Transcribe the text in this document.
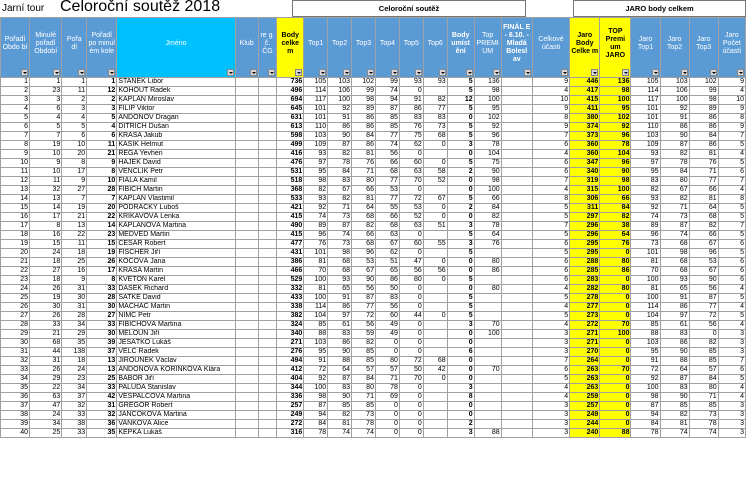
Jarní tour Celoroční soutěž 2018	Celoroční soutěž	JARO body celkem
Pořadí Obdo bí	Minulé pořadí Období	Pořa dí	Pořadí po minul ém kole	Jméno	Klub	re g. č. ČG	Body celke m	Top1	Top2	Top3	Top4	Top5	Top6	Body umíst ění	Top PREMI UM	FINÁL E - 6.10. - Mladá Bolesl av	Celkové účasti	Jaro Body Celke m	TOP Premi um JARO	Jaro Top1	Jaro Top2	Jaro Top3	Jaro Počet účastí

1	1	1	1	STANĚK Libor			736	105	103	102	99	93	93	5	136		9	446	136	105	103	102	9
2	23	11	12	KOHOUT Radek			496	114	106	99	74	0		5	98		4	417	98	114	106	99	4
3	3	2	2	KAPLAN Miroslav			694	117	100	98	94	91	82	12	100		10	415	100	117	100	98	10
4	6	3	3	FILIP Viktor			645	101	92	89	87	86	77	5	95		9	411	95	101	92	89	9
5	4	4	5	ANDONOV Dragan			631	101	91	86	85	83	83	0	102		8	380	102	101	91	86	8
6	5	5	4	DITRICH Dušan			613	110	86	86	85	76	73	5	92		9	374	92	110	86	86	9
7	7	6	6	KRÁSA Jakub			598	103	90	84	77	75	68	5	96		7	373	96	103	90	84	7
8	19	10	11	KASÍK Helmut			499	109	87	86	74	62	0	3	78		6	360	78	109	87	86	5
9	10	20	21	REGA Yevhen			416	93	82	81	56	0		0	104		4	360	104	93	82	81	4
10	9	8	9	HÁJEK David			476	97	78	76	66	60	0	5	75		6	347	96	97	78	76	5
11	10	17	8	VENCLÍK Petr			531	95	84	71	68	63	58	2	90		6	340	90	95	84	71	6
12	11	9	10	FIALA Kamil			518	98	83	80	77	70	52	0	98		7	319	98	83	80	77	7
13	32	27	28	FIBICH Martin			368	82	67	66	53	0		0	100		4	315	100	82	67	66	4
14	13	7	7	KAPLAN Vlastimil			533	93	82	81	77	72	67	5	66		8	306	66	93	82	81	8
15	14	19	20	PODRACKÝ Luboš			421	92	71	64	55	53	0	2	84		5	311	84	92	71	64	5
16	17	21	22	KŘIKAVOVÁ Lenka			415	74	73	68	66	52	0	0	82		5	297	82	74	73	68	5
17	8	13	14	KAPLANOVÁ Martina			490	89	87	82	68	63	51	3	78		7	296	38	89	87	82	7
18	16	22	23	MEDVĚD Martin			415	96	74	66	63	0		5	64		5	296	64	96	74	66	5
19	15	11	15	CESAR Robert			477	76	73	68	67	60	55	3	76		6	295	76	73	68	67	6
20	24	18	19	FISCHER Jiří			431	101	98	96	62	0		5			5	295	0	101	98	96	5
21	18	25	26	KOČOVÁ Jana			386	81	68	53	51	47	0	0	80		6	288	80	81	68	53	6
22	27	16	17	KRÁSA Martin			466	70	68	67	65	56	56	0	86		6	285	86	70	68	67	6
23	18	9	8	KVĚTOŇ Karel			529	100	93	90	86	80	0	5			6	283	0	100	93	90	6
24	26	31	33	DAŠEK Richard			332	81	65	56	50	0		0	80		4	282	80	81	65	56	4
25	19	30	28	SATKE David			433	100	91	87	83	0		5			5	278	0	100	91	87	5
26	30	31	30	MACHÁČ Martin			338	114	86	77	56	0		5			4	277	0	114	86	77	4
27	26	28	27	NIMČ Petr			382	104	97	72	60	44	0	5			5	273	0	104	97	72	5
28	33	34	33	FIBICHOVÁ Martina			324	85	61	56	49	0		3	70		4	272	70	85	61	56	4
29	21	29	30	MELOUN Jiří			340	88	83	59	49	0		0	100		3	271	100	88	83	0	3
30	68	35	39	JEŠÁTKO Lukáš			271	103	86	82	0	0		0			3	271	0	103	86	82	3
31	44	138	37	VELC Radek			276	95	90	85	0	0		6			3	270	0	95	90	85	3
32	31	18	13	JIROUNEK Václav			494	91	88	85	80	72	68	0			7	264	0	91	88	85	7
33	26	24	13	ANDONOVÁ KOŘÍNKOVÁ Klára			412	72	64	57	57	50	42	0	70		6	263	70	72	64	57	6
34	29	23	25	BABOR Jiří			404	92	87	84	71	70	0	0			5	263	0	92	87	84	5
35	22	34	33	PALUDA Stanislav			344	100	83	80	78	0		3			4	263	0	100	83	80	4
36	63	37	42	VESPALCOVÁ Martina			336	98	90	71	69	0		8			4	259	0	98	90	71	4
37	47	32	31	GREGOR Robert			257	87	85	85	0	0		0			3	257	0	87	85	85	3
38	24	33	32	JANČOKOVÁ Martina			249	94	82	73	0	0		0			3	249	0	94	82	73	3
39	34	38	36	VAŇKOVÁ Alice			272	84	81	78	0	0		2			3	244	0	84	81	78	3
40	25	33	35	KEPKA Lukáš			316	78	74	74	0	0		3	88		3	240	88	78	74	74	3
